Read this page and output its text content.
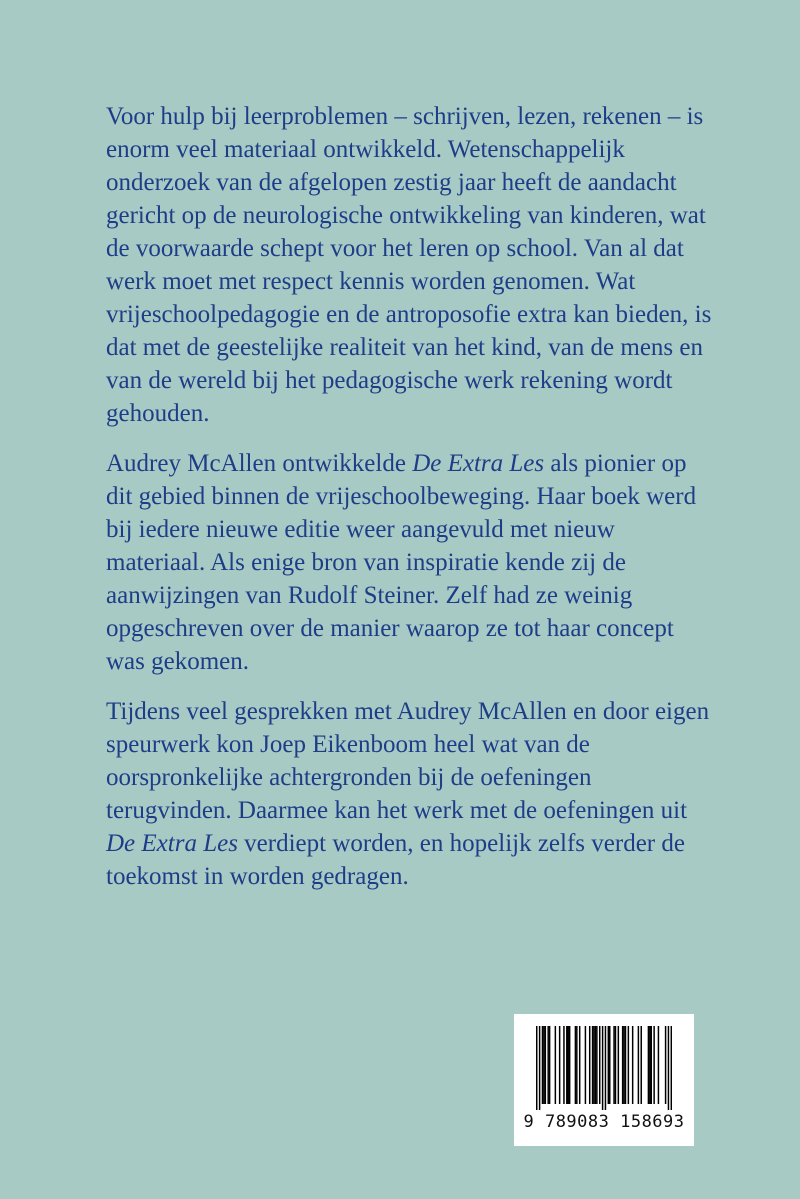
Voor hulp bij leerproblemen – schrijven, lezen, rekenen – is enorm veel materiaal ontwikkeld. Wetenschappelijk onderzoek van de afgelopen zestig jaar heeft de aandacht gericht op de neurologische ontwikkeling van kinderen, wat de voorwaarde schept voor het leren op school. Van al dat werk moet met respect kennis worden genomen. Wat vrijeschoolpedagogie en de antroposofie extra kan bieden, is dat met de geestelijke realiteit van het kind, van de mens en van de wereld bij het pedagogische werk rekening wordt gehouden.

Audrey McAllen ontwikkelde De Extra Les als pionier op dit gebied binnen de vrijeschoolbeweging. Haar boek werd bij iedere nieuwe editie weer aangevuld met nieuw materiaal. Als enige bron van inspiratie kende zij de aanwijzingen van Rudolf Steiner. Zelf had ze weinig opgeschreven over de manier waarop ze tot haar concept was gekomen.

Tijdens veel gesprekken met Audrey McAllen en door eigen speurwerk kon Joep Eikenboom heel wat van de oorspronkelijke achtergronden bij de oefeningen terugvinden. Daarmee kan het werk met de oefeningen uit De Extra Les verdiept worden, en hopelijk zelfs verder de toekomst in worden gedragen.

9 789083 158693
